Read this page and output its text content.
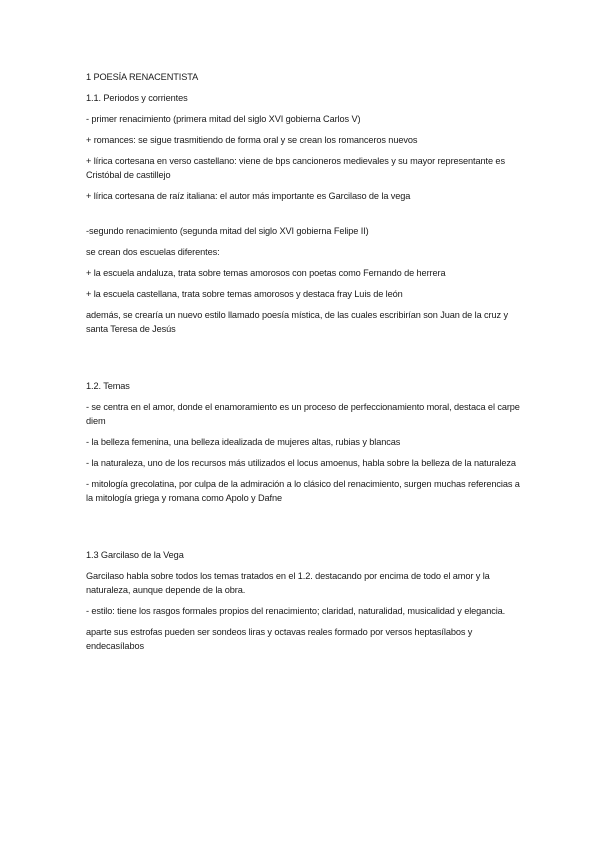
1 POESÍA RENACENTISTA

1.1. Periodos y corrientes

- primer renacimiento (primera mitad del siglo XVI gobierna Carlos V)

+ romances: se sigue trasmitiendo de forma oral y se crean los romanceros nuevos

+ lírica cortesana en verso castellano: viene de bps cancioneros medievales y su mayor representante es Cristóbal de castillejo

+ lírica cortesana de raíz italiana: el autor más importante es Garcilaso de la vega

-segundo renacimiento (segunda mitad del siglo XVI gobierna Felipe II)

se crean dos escuelas diferentes:

+ la escuela andaluza, trata sobre temas amorosos con poetas como Fernando de herrera

+ la escuela castellana, trata sobre temas amorosos y destaca fray Luis de león

además, se crearía un nuevo estilo llamado poesía mística, de las cuales escribirían son Juan de la cruz y santa Teresa de Jesús

1.2. Temas

- se centra en el amor, donde el enamoramiento es un proceso de perfeccionamiento moral, destaca el carpe diem

- la belleza femenina, una belleza idealizada de mujeres altas, rubias y blancas

- la naturaleza, uno de los recursos más utilizados el locus amoenus, habla sobre la belleza de la naturaleza

- mitología grecolatina, por culpa de la admiración a lo clásico del renacimiento, surgen muchas referencias a la mitología griega y romana como Apolo y Dafne

1.3 Garcilaso de la Vega

Garcilaso habla sobre todos los temas tratados en el 1.2. destacando por encima de todo el amor y la naturaleza, aunque depende de la obra.

- estilo: tiene los rasgos formales propios del renacimiento; claridad, naturalidad, musicalidad y elegancia.

aparte sus estrofas pueden ser sondeos liras y octavas reales formado por versos heptasílabos y endecasílabos
